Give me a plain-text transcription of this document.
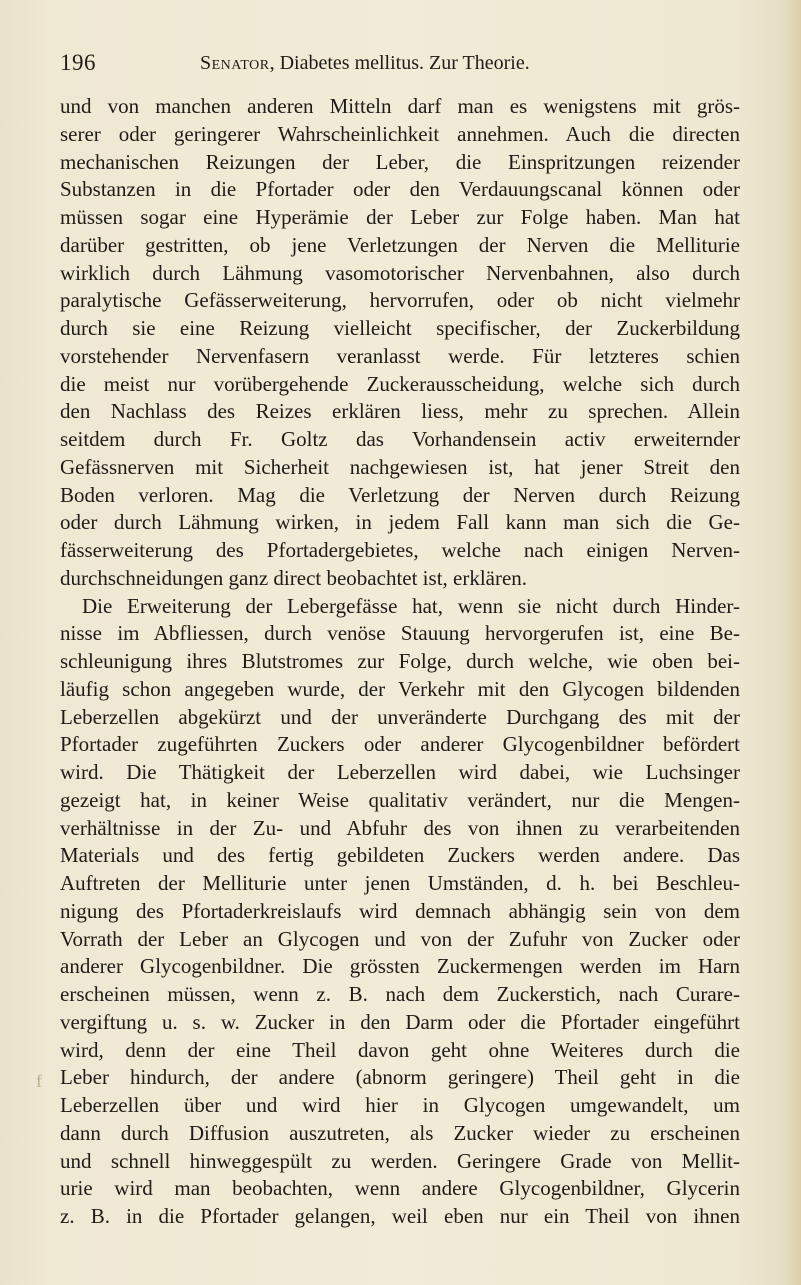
196	Senator, Diabetes mellitus. Zur Theorie.
f
und von manchen anderen Mitteln darf man es wenigstens mit grös-
serer oder geringerer Wahrscheinlichkeit annehmen. Auch die directen
mechanischen Reizungen der Leber, die Einspritzungen reizender
Substanzen in die Pfortader oder den Verdauungscanal können oder
müssen sogar eine Hyperämie der Leber zur Folge haben. Man hat
darüber gestritten, ob jene Verletzungen der Nerven die Melliturie
wirklich durch Lähmung vasomotorischer Nervenbahnen, also durch
paralytische Gefässerweiterung, hervorrufen, oder ob nicht vielmehr
durch sie eine Reizung vielleicht specifischer, der Zuckerbildung
vorstehender Nervenfasern veranlasst werde. Für letzteres schien
die meist nur vorübergehende Zuckerausscheidung, welche sich durch
den Nachlass des Reizes erklären liess, mehr zu sprechen. Allein
seitdem durch Fr. Goltz das Vorhandensein activ erweiternder
Gefässnerven mit Sicherheit nachgewiesen ist, hat jener Streit den
Boden verloren. Mag die Verletzung der Nerven durch Reizung
oder durch Lähmung wirken, in jedem Fall kann man sich die Ge-
fässerweiterung des Pfortadergebietes, welche nach einigen Nerven-
durchschneidungen ganz direct beobachtet ist, erklären.
Die Erweiterung der Lebergefässe hat, wenn sie nicht durch Hinder-
nisse im Abfliessen, durch venöse Stauung hervorgerufen ist, eine Be-
schleunigung ihres Blutstromes zur Folge, durch welche, wie oben bei-
läufig schon angegeben wurde, der Verkehr mit den Glycogen bildenden
Leberzellen abgekürzt und der unveränderte Durchgang des mit der
Pfortader zugeführten Zuckers oder anderer Glycogenbildner befördert
wird. Die Thätigkeit der Leberzellen wird dabei, wie Luchsinger
gezeigt hat, in keiner Weise qualitativ verändert, nur die Mengen-
verhältnisse in der Zu- und Abfuhr des von ihnen zu verarbeitenden
Materials und des fertig gebildeten Zuckers werden andere. Das
Auftreten der Melliturie unter jenen Umständen, d. h. bei Beschleu-
nigung des Pfortaderkreislaufs wird demnach abhängig sein von dem
Vorrath der Leber an Glycogen und von der Zufuhr von Zucker oder
anderer Glycogenbildner. Die grössten Zuckermengen werden im Harn
erscheinen müssen, wenn z. B. nach dem Zuckerstich, nach Curare-
vergiftung u. s. w. Zucker in den Darm oder die Pfortader eingeführt
wird, denn der eine Theil davon geht ohne Weiteres durch die
Leber hindurch, der andere (abnorm geringere) Theil geht in die
Leberzellen über und wird hier in Glycogen umgewandelt, um
dann durch Diffusion auszutreten, als Zucker wieder zu erscheinen
und schnell hinweggespült zu werden. Geringere Grade von Mellit-
urie wird man beobachten, wenn andere Glycogenbildner, Glycerin
z. B. in die Pfortader gelangen, weil eben nur ein Theil von ihnen
